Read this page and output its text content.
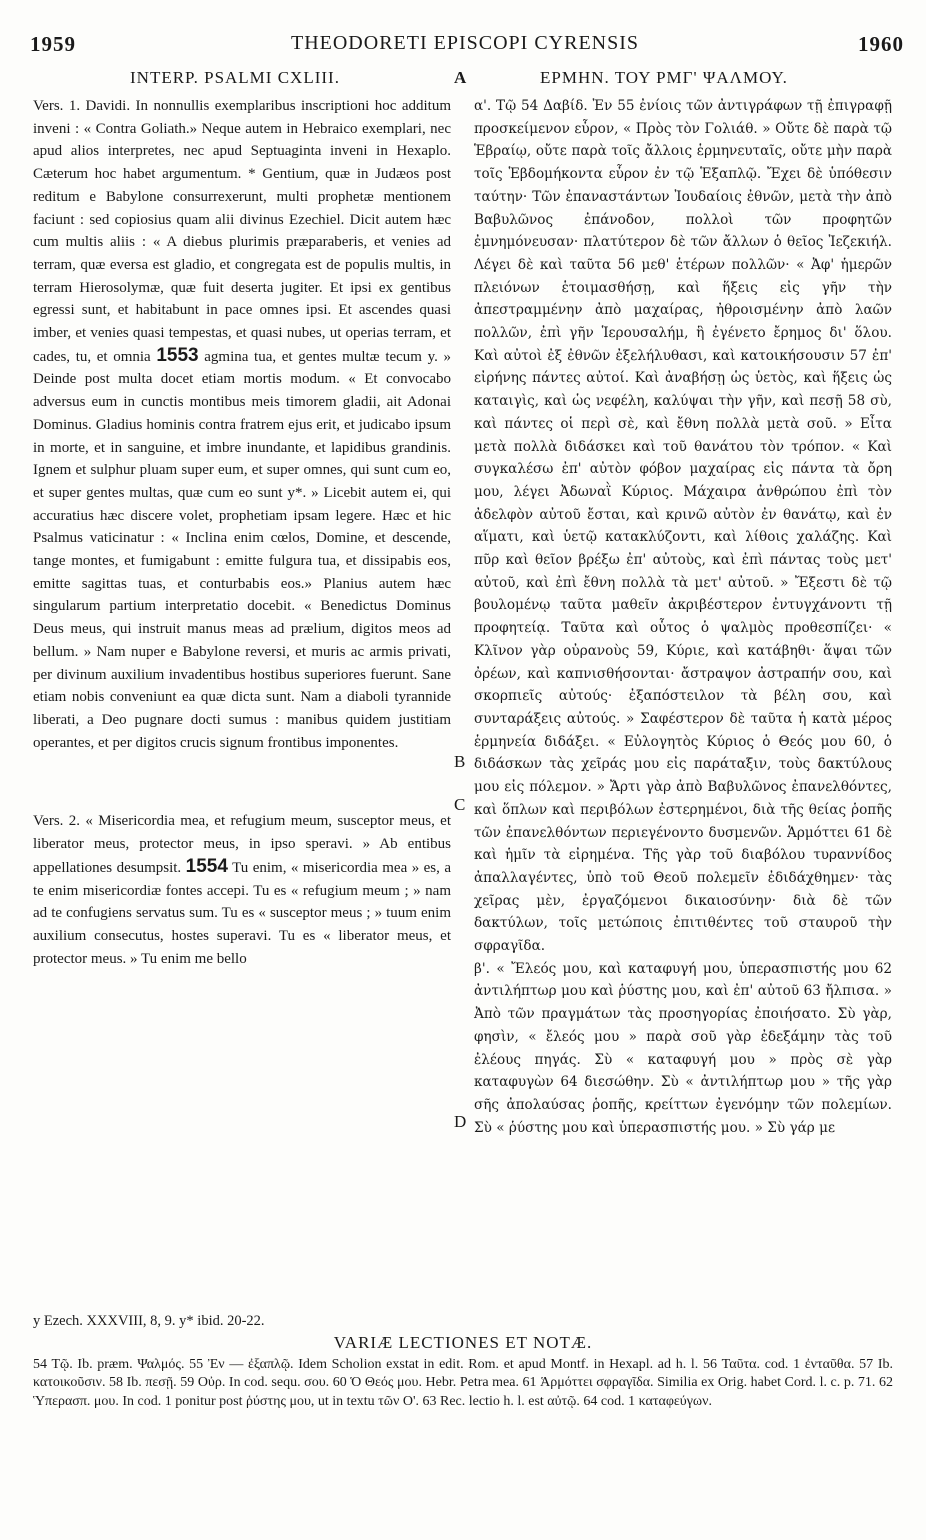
1959	THEODORETI EPISCOPI CYRENSIS	1960
INTERP. PSALMI CXLIII.	A	ΕΡΜΗΝ. ΤΟΥ ΡΜΓ' ΨΑΛΜΟΥ.

Vers. 1. Davidi. In nonnullis exemplaribus inscriptioni hoc additum inveni : « Contra Goliath.» Neque autem in Hebraico exemplari, nec apud alios interpretes, nec apud Septuaginta inveni in Hexaplo. Cæterum hoc habet argumentum. * Gentium, quæ in Judæos post reditum e Babylone consurrexerunt, multi prophetæ mentionem faciunt : sed copiosius quam alii divinus Ezechiel. Dicit autem hæc cum multis aliis : « A diebus plurimis præparaberis, et venies ad terram, quæ eversa est gladio, et congregata est de populis multis, in terram Hierosolymæ, quæ fuit deserta jugiter. Et ipsi ex gentibus egressi sunt, et habitabunt in pace omnes ipsi. Et ascendes quasi imber, et venies quasi tempestas, et quasi nubes, ut operias terram, et cades, tu, et omnia 1553 agmina tua, et gentes multæ tecum y. » Deinde post multa docet etiam mortis modum. « Et convocabo adversus eum in cunctis montibus meis timorem gladii, ait Adonai Dominus. Gladius hominis contra fratrem ejus erit, et judicabo ipsum in morte, et in sanguine, et imbre inundante, et lapidibus grandinis. Ignem et sulphur pluam super eum, et super omnes, qui sunt cum eo, et super gentes multas, quæ cum eo sunt y*. » Licebit autem ei, qui accuratius hæc discere volet, prophetiam ipsam legere. Hæc et hic Psalmus vaticinatur : « Inclina enim cœlos, Domine, et descende, tange montes, et fumigabunt : emitte fulgura tua, et dissipabis eos, emitte sagittas tuas, et conturbabis eos.» Planius autem hæc singularum partium interpretatio docebit. « Benedictus Dominus Deus meus, qui instruit manus meas ad prælium, digitos meos ad bellum. » Nam nuper e Babylone reversi, et muris ac armis privati, per divinum auxilium invadentibus hostibus superiores fuerunt. Sane etiam nobis conveniunt ea quæ dicta sunt. Nam a diaboli tyrannide liberati, a Deo pugnare docti sumus : manibus quidem justitiam operantes, et per digitos crucis signum frontibus imponentes.

Vers. 2. « Misericordia mea, et refugium meum, susceptor meus, et liberator meus, protector meus, in ipso speravi. » Ab entibus appellationes desumpsit. 1554 Tu enim, « misericordia mea » es, a te enim misericordiæ fontes accepi. Tu es « refugium meum ; » nam ad te confugiens servatus sum. Tu es « susceptor meus ; » tuum enim auxilium consecutus, hostes superavi. Tu es « liberator meus, et protector meus. » Tu enim me bello

α'. Τῷ 54 Δαβίδ. Ἐν 55 ἐνίοις τῶν ἀντιγράφων τῇ ἐπιγραφῇ προσκείμενον εὗρον, « Πρὸς τὸν Γολιάθ. » Οὔτε δὲ παρὰ τῷ Ἑβραίῳ, οὔτε παρὰ τοῖς ἄλλοις ἑρμηνευταῖς, οὔτε μὴν παρὰ τοῖς Ἑβδομήκοντα εὗρον ἐν τῷ Ἑξαπλῷ. Ἔχει δὲ ὑπόθεσιν ταύτην· Τῶν ἐπαναστάντων Ἰουδαίοις ἐθνῶν, μετὰ τὴν ἀπὸ Βαβυλῶνος ἐπάνοδον, πολλοὶ τῶν προφητῶν ἐμνημόνευσαν· πλατύτερον δὲ τῶν ἄλλων ὁ θεῖος Ἰεζεκιήλ. Λέγει δὲ καὶ ταῦτα 56 μεθ' ἑτέρων πολλῶν· « Ἀφ' ἡμερῶν πλειόνων ἑτοιμασθήσῃ, καὶ ἥξεις εἰς γῆν τὴν ἀπεστραμμένην ἀπὸ μαχαίρας, ἠθροισμένην ἀπὸ λαῶν πολλῶν, ἐπὶ γῆν Ἱερουσαλήμ, ἣ ἐγένετο ἔρημος δι' ὅλου. Καὶ αὐτοὶ ἐξ ἐθνῶν ἐξελήλυθασι, καὶ κατοικήσουσιν 57 ἐπ' εἰρήνης πάντες αὐτοί. Καὶ ἀναβήσῃ ὡς ὑετὸς, καὶ ἥξεις ὡς καταιγὶς, καὶ ὡς νεφέλη, καλύψαι τὴν γῆν, καὶ πεσῇ 58 σὺ, καὶ πάντες οἱ περὶ σὲ, καὶ ἔθνη πολλὰ μετὰ σοῦ. » Εἶτα μετὰ πολλὰ διδάσκει καὶ τοῦ θανάτου τὸν τρόπον. « Καὶ συγκαλέσω ἐπ' αὐτὸν φόβον μαχαίρας εἰς πάντα τὰ ὄρη μου, λέγει Ἀδωναῒ Κύριος. Μάχαιρα ἀνθρώπου ἐπὶ τὸν ἀδελφὸν αὐτοῦ ἔσται, καὶ κρινῶ αὐτὸν ἐν θανάτῳ, καὶ ἐν αἵματι, καὶ ὑετῷ κατακλύζοντι, καὶ λίθοις χαλάζης. Καὶ πῦρ καὶ θεῖον βρέξω ἐπ' αὐτοὺς, καὶ ἐπὶ πάντας τοὺς μετ' αὐτοῦ, καὶ ἐπὶ ἔθνη πολλὰ τὰ μετ' αὐτοῦ. » Ἔξεστι δὲ τῷ βουλομένῳ ταῦτα μαθεῖν ἀκριβέστερον ἐντυγχάνοντι τῇ προφητείᾳ. Ταῦτα καὶ οὗτος ὁ ψαλμὸς προθεσπίζει· « Κλῖνον γὰρ οὐρανοὺς 59, Κύριε, καὶ κατάβηθι· ἅψαι τῶν ὀρέων, καὶ καπνισθήσονται· ἄστραψον ἀστραπήν σου, καὶ σκορπιεῖς αὐτούς· ἐξαπόστειλον τὰ βέλη σου, καὶ συνταράξεις αὐτούς. » Σαφέστερον δὲ ταῦτα ἡ κατὰ μέρος ἑρμηνεία διδάξει. « Εὐλογητὸς Κύριος ὁ Θεός μου 60, ὁ διδάσκων τὰς χεῖράς μου εἰς παράταξιν, τοὺς δακτύλους μου εἰς πόλεμον. » Ἄρτι γὰρ ἀπὸ Βαβυλῶνος ἐπανελθόντες, καὶ ὅπλων καὶ περιβόλων ἐστερημένοι, διὰ τῆς θείας ῥοπῆς τῶν ἐπανελθόντων περιεγένοντο δυσμενῶν. Ἁρμόττει 61 δὲ καὶ ἡμῖν τὰ εἰρημένα. Τῆς γὰρ τοῦ διαβόλου τυραννίδος ἀπαλλαγέντες, ὑπὸ τοῦ Θεοῦ πολεμεῖν ἐδιδάχθημεν· τὰς χεῖρας μὲν, ἐργαζόμενοι δικαιοσύνην· διὰ δὲ τῶν δακτύλων, τοῖς μετώποις ἐπιτιθέντες τοῦ σταυροῦ τὴν σφραγῖδα.

β'. « Ἔλεός μου, καὶ καταφυγή μου, ὑπερασπιστής μου 62 ἀντιλήπτωρ μου καὶ ῥύστης μου, καὶ ἐπ' αὐτοῦ 63 ἤλπισα. » Ἀπὸ τῶν πραγμάτων τὰς προσηγορίας ἐποιήσατο. Σὺ γὰρ, φησὶν, « ἔλεός μου » παρὰ σοῦ γὰρ ἐδεξάμην τὰς τοῦ ἐλέους πηγάς. Σὺ « καταφυγή μου » πρὸς σὲ γὰρ καταφυγὼν 64 διεσώθην. Σὺ « ἀντιλήπτωρ μου » τῆς γὰρ σῆς ἀπολαύσας ῥοπῆς, κρείττων ἐγενόμην τῶν πολεμίων. Σὺ « ῥύστης μου καὶ ὑπερασπιστής μου. » Σὺ γάρ με

B
C
D
y Ezech. XXXVIII, 8, 9. y* ibid. 20-22.
VARIÆ LECTIONES ET NOTÆ.
54 Τῷ. Ib. præm. Ψαλμός. 55 Ἐν — ἐξαπλῷ. Idem Scholion exstat in edit. Rom. et apud Montf. in Hexapl. ad h. l. 56 Ταῦτα. cod. 1 ἐνταῦθα. 57 Ib. κατοικοῦσιν. 58 Ib. πεσῇ. 59 Οὐρ. In cod. sequ. σου. 60 Ὁ Θεός μου. Hebr. Petra mea. 61 Ἁρμόττει σφραγῖδα. Similia ex Orig. habet Cord. l. c. p. 71. 62 Ὑπερασπ. μου. In cod. 1 ponitur post ῥύστης μου, ut in textu τῶν Ο'. 63 Rec. lectio h. l. est αὐτῷ. 64 cod. 1 καταφεύγων.
